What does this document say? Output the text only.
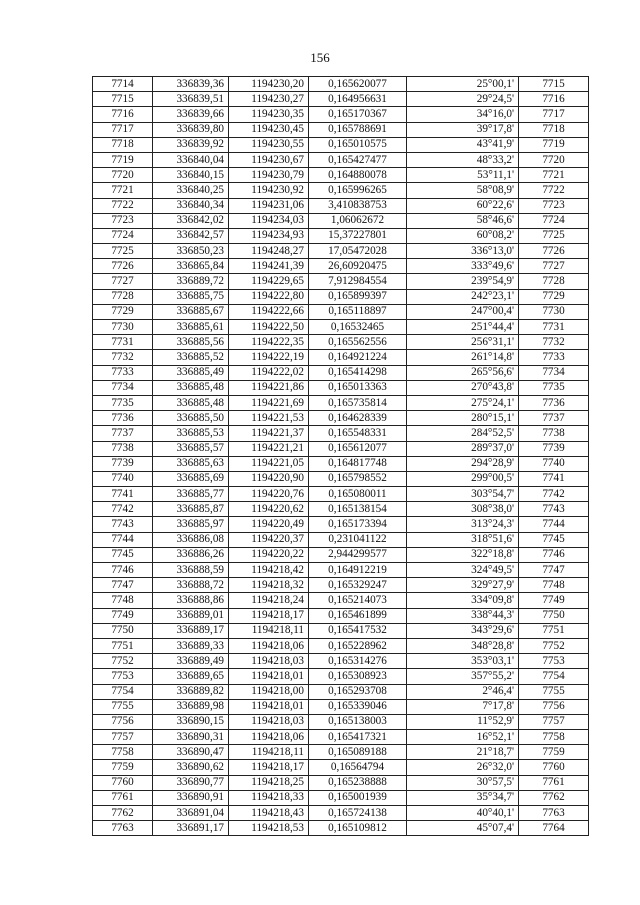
156
7714	336839,36	1194230,20	0,165620077	25°00,1'	7715
7715	336839,51	1194230,27	0,164956631	29°24,5'	7716
7716	336839,66	1194230,35	0,165170367	34°16,0'	7717
7717	336839,80	1194230,45	0,165788691	39°17,8'	7718
7718	336839,92	1194230,55	0,165010575	43°41,9'	7719
7719	336840,04	1194230,67	0,165427477	48°33,2'	7720
7720	336840,15	1194230,79	0,164880078	53°11,1'	7721
7721	336840,25	1194230,92	0,165996265	58°08,9'	7722
7722	336840,34	1194231,06	3,410838753	60°22,6'	7723
7723	336842,02	1194234,03	1,06062672	58°46,6'	7724
7724	336842,57	1194234,93	15,37227801	60°08,2'	7725
7725	336850,23	1194248,27	17,05472028	336°13,0'	7726
7726	336865,84	1194241,39	26,60920475	333°49,6'	7727
7727	336889,72	1194229,65	7,912984554	239°54,9'	7728
7728	336885,75	1194222,80	0,165899397	242°23,1'	7729
7729	336885,67	1194222,66	0,165118897	247°00,4'	7730
7730	336885,61	1194222,50	0,16532465	251°44,4'	7731
7731	336885,56	1194222,35	0,165562556	256°31,1'	7732
7732	336885,52	1194222,19	0,164921224	261°14,8'	7733
7733	336885,49	1194222,02	0,165414298	265°56,6'	7734
7734	336885,48	1194221,86	0,165013363	270°43,8'	7735
7735	336885,48	1194221,69	0,165735814	275°24,1'	7736
7736	336885,50	1194221,53	0,164628339	280°15,1'	7737
7737	336885,53	1194221,37	0,165548331	284°52,5'	7738
7738	336885,57	1194221,21	0,165612077	289°37,0'	7739
7739	336885,63	1194221,05	0,164817748	294°28,9'	7740
7740	336885,69	1194220,90	0,165798552	299°00,5'	7741
7741	336885,77	1194220,76	0,165080011	303°54,7'	7742
7742	336885,87	1194220,62	0,165138154	308°38,0'	7743
7743	336885,97	1194220,49	0,165173394	313°24,3'	7744
7744	336886,08	1194220,37	0,231041122	318°51,6'	7745
7745	336886,26	1194220,22	2,944299577	322°18,8'	7746
7746	336888,59	1194218,42	0,164912219	324°49,5'	7747
7747	336888,72	1194218,32	0,165329247	329°27,9'	7748
7748	336888,86	1194218,24	0,165214073	334°09,8'	7749
7749	336889,01	1194218,17	0,165461899	338°44,3'	7750
7750	336889,17	1194218,11	0,165417532	343°29,6'	7751
7751	336889,33	1194218,06	0,165228962	348°28,8'	7752
7752	336889,49	1194218,03	0,165314276	353°03,1'	7753
7753	336889,65	1194218,01	0,165308923	357°55,2'	7754
7754	336889,82	1194218,00	0,165293708	2°46,4'	7755
7755	336889,98	1194218,01	0,165339046	7°17,8'	7756
7756	336890,15	1194218,03	0,165138003	11°52,9'	7757
7757	336890,31	1194218,06	0,165417321	16°52,1'	7758
7758	336890,47	1194218,11	0,165089188	21°18,7'	7759
7759	336890,62	1194218,17	0,16564794	26°32,0'	7760
7760	336890,77	1194218,25	0,165238888	30°57,5'	7761
7761	336890,91	1194218,33	0,165001939	35°34,7'	7762
7762	336891,04	1194218,43	0,165724138	40°40,1'	7763
7763	336891,17	1194218,53	0,165109812	45°07,4'	7764
